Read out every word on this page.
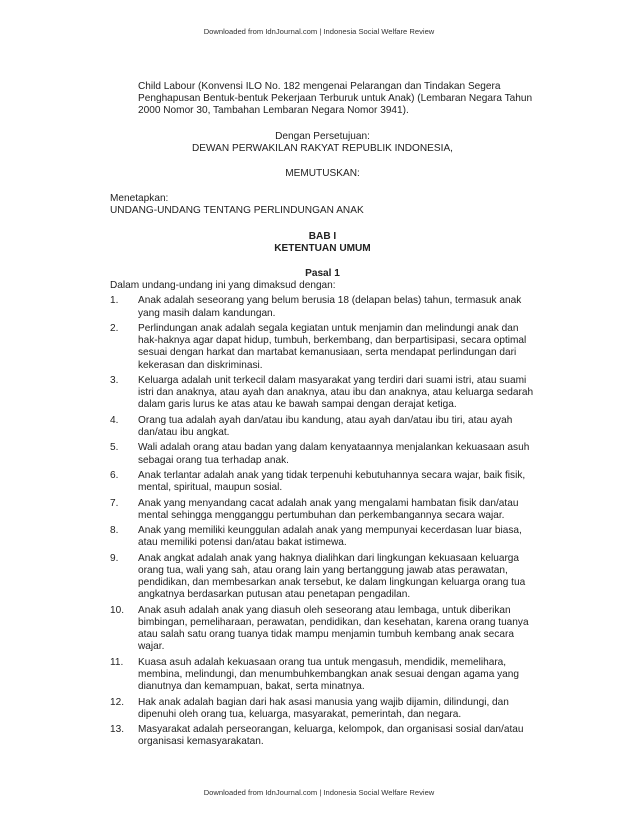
Downloaded from IdnJournal.com | Indonesia Social Welfare Review
Child Labour (Konvensi ILO No. 182 mengenai Pelarangan dan Tindakan Segera Penghapusan Bentuk-bentuk Pekerjaan Terburuk untuk Anak) (Lembaran Negara Tahun 2000 Nomor 30, Tambahan Lembaran Negara Nomor 3941).
Dengan Persetujuan:
DEWAN PERWAKILAN RAKYAT REPUBLIK INDONESIA,
MEMUTUSKAN:
Menetapkan:
UNDANG-UNDANG TENTANG PERLINDUNGAN ANAK
BAB I
KETENTUAN UMUM
Pasal 1
Dalam undang-undang ini yang dimaksud dengan:
1.	Anak adalah seseorang yang belum berusia 18 (delapan belas) tahun, termasuk anak yang masih dalam kandungan.
2.	Perlindungan anak adalah segala kegiatan untuk menjamin dan melindungi anak dan hak-haknya agar dapat hidup, tumbuh, berkembang, dan berpartisipasi, secara optimal sesuai dengan harkat dan martabat kemanusiaan, serta mendapat perlindungan dari kekerasan dan diskriminasi.
3.	Keluarga adalah unit terkecil dalam masyarakat yang terdiri dari suami istri, atau suami istri dan anaknya, atau ayah dan anaknya, atau ibu dan anaknya, atau keluarga sedarah dalam garis lurus ke atas atau ke bawah sampai dengan derajat ketiga.
4.	Orang tua adalah ayah dan/atau ibu kandung, atau ayah dan/atau ibu tiri, atau ayah dan/atau ibu angkat.
5.	Wali adalah orang atau badan yang dalam kenyataannya menjalankan kekuasaan asuh sebagai orang tua terhadap anak.
6.	Anak terlantar adalah anak yang tidak terpenuhi kebutuhannya secara wajar, baik fisik, mental, spiritual, maupun sosial.
7.	Anak yang menyandang cacat adalah anak yang mengalami hambatan fisik dan/atau mental sehingga mengganggu pertumbuhan dan perkembangannya secara wajar.
8.	Anak yang memiliki keunggulan adalah anak yang mempunyai kecerdasan luar biasa, atau memiliki potensi dan/atau bakat istimewa.
9.	Anak angkat adalah anak yang haknya dialihkan dari lingkungan kekuasaan keluarga orang tua, wali yang sah, atau orang lain yang bertanggung jawab atas perawatan, pendidikan, dan membesarkan anak tersebut, ke dalam lingkungan keluarga orang tua angkatnya berdasarkan putusan atau penetapan pengadilan.
10.	Anak asuh adalah anak yang diasuh oleh seseorang atau lembaga, untuk diberikan bimbingan, pemeliharaan, perawatan, pendidikan, dan kesehatan, karena orang tuanya atau salah satu orang tuanya tidak mampu menjamin tumbuh kembang anak secara wajar.
11.	Kuasa asuh adalah kekuasaan orang tua untuk mengasuh, mendidik, memelihara, membina, melindungi, dan menumbuhkembangkan anak sesuai dengan agama yang dianutnya dan kemampuan, bakat, serta minatnya.
12.	Hak anak adalah bagian dari hak asasi manusia yang wajib dijamin, dilindungi, dan dipenuhi oleh orang tua, keluarga, masyarakat, pemerintah, dan negara.
13.	Masyarakat adalah perseorangan, keluarga, kelompok, dan organisasi sosial dan/atau organisasi kemasyarakatan.
Downloaded from IdnJournal.com | Indonesia Social Welfare Review
